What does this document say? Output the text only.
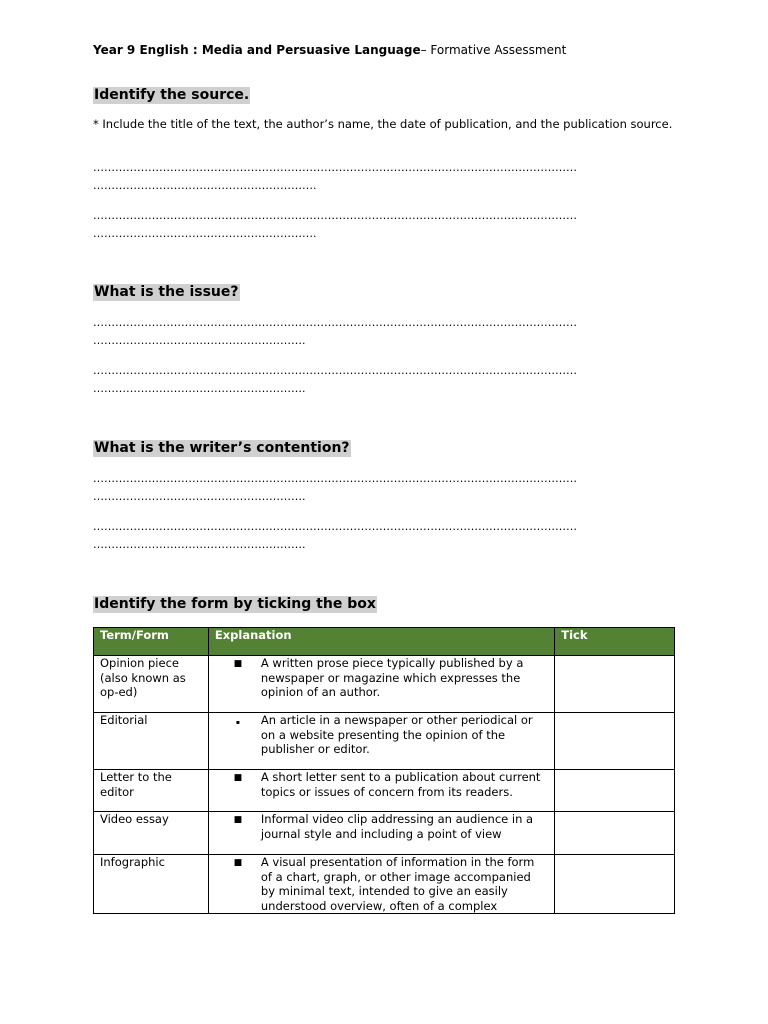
Year 9 English : Media and Persuasive Language– Formative Assessment
Identify the source.
* Include the title of the text, the author’s name, the date of publication, and the publication source.
……………………………………………………………………………………………………………………
…………………………………………………….
……………………………………………………………………………………………………………………
…………………………………………………….
What is the issue?
……………………………………………………………………………………………………………………
………………………………………………….
……………………………………………………………………………………………………………………
………………………………………………….
What is the writer’s contention?
……………………………………………………………………………………………………………………
………………………………………………….
……………………………………………………………………………………………………………………
………………………………………………….
Identify the form by ticking the box
Term/Form	Explanation	Tick
Opinion piece (also known as op-ed)	■ A written prose piece typically published by a newspaper or magazine which expresses the opinion of an author.	

Editorial	▪ An article in a newspaper or other periodical or on a website presenting the opinion of the publisher or editor.	

Letter to the editor	■ A short letter sent to a publication about current topics or issues of concern from its readers.	

Video essay	■ Informal video clip addressing an audience in a journal style and including a point of view	

Infographic	■ A visual presentation of information in the form of a chart, graph, or other image accompanied by minimal text, intended to give an easily understood overview, often of a complex	
